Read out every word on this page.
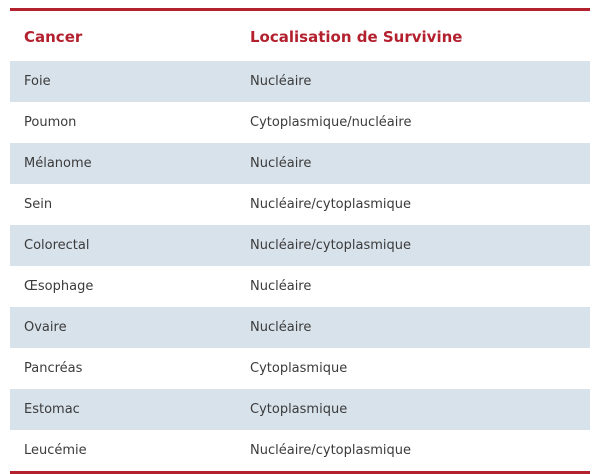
Cancer	Localisation de Survivine
Foie	Nucléaire
Poumon	Cytoplasmique/nucléaire
Mélanome	Nucléaire
Sein	Nucléaire/cytoplasmique
Colorectal	Nucléaire/cytoplasmique
Œsophage	Nucléaire
Ovaire	Nucléaire
Pancréas	Cytoplasmique
Estomac	Cytoplasmique
Leucémie	Nucléaire/cytoplasmique
